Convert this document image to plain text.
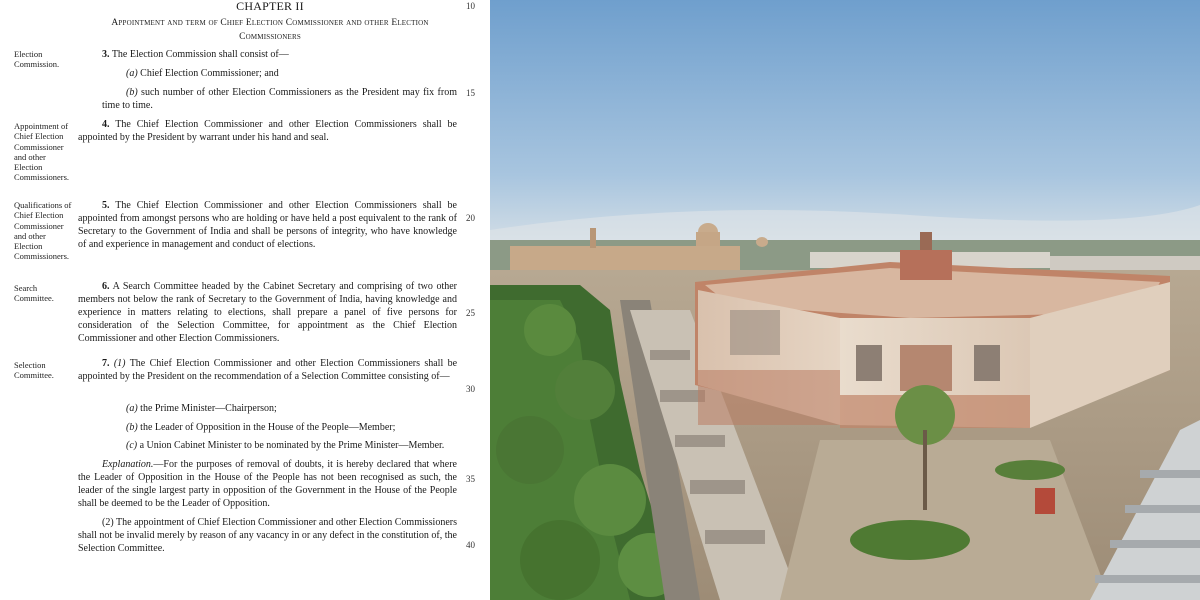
CHAPTER II
Appointment and term of Chief Election Commissioner and other Election Commissioners
10
15
20
25
30
35
40
Election Commission.
3. The Election Commission shall consist of—
(a) Chief Election Commissioner; and
(b) such number of other Election Commissioners as the President may fix from time to time.
Appointment of Chief Election Commissioner and other Election Commissioners.
4. The Chief Election Commissioner and other Election Commissioners shall be appointed by the President by warrant under his hand and seal.
Qualifications of Chief Election Commissioner and other Election Commissioners.
5. The Chief Election Commissioner and other Election Commissioners shall be appointed from amongst persons who are holding or have held a post equivalent to the rank of Secretary to the Government of India and shall be persons of integrity, who have knowledge of and experience in management and conduct of elections.
Search Committee.
6. A Search Committee headed by the Cabinet Secretary and comprising of two other members not below the rank of Secretary to the Government of India, having knowledge and experience in matters relating to elections, shall prepare a panel of five persons for consideration of the Selection Committee, for appointment as the Chief Election Commissioner and other Election Commissioners.
Selection Committee.
7. (1) The Chief Election Commissioner and other Election Commissioners shall be appointed by the President on the recommendation of a Selection Committee consisting of—
(a) the Prime Minister—Chairperson;
(b) the Leader of Opposition in the House of the People—Member;
(c) a Union Cabinet Minister to be nominated by the Prime Minister—Member.
Explanation.—For the purposes of removal of doubts, it is hereby declared that where the Leader of Opposition in the House of the People has not been recognised as such, the leader of the single largest party in opposition of the Government in the House of the People shall be deemed to be the Leader of Opposition.
(2) The appointment of Chief Election Commissioner and other Election Commissioners shall not be invalid merely by reason of any vacancy in or any defect in the constitution of, the Selection Committee.
